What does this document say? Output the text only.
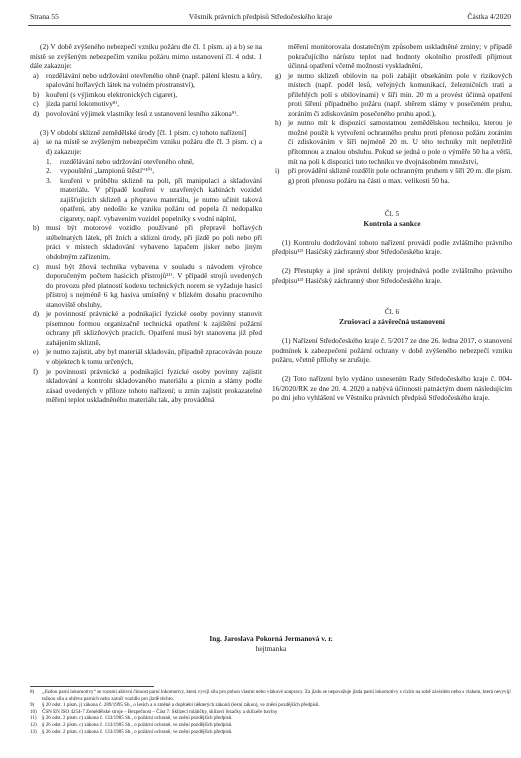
Strana 55	Věstník právních předpisů Středočeského kraje	Částka 4/2020

(2) V době zvýšeného nebezpečí vzniku požáru dle čl. 1 písm. a) a b) se na místě se zvýšeným nebezpečím vzniku požáru mimo ustanovení čl. 4 odst. 1 dále zakazuje:

a) rozdělávání nebo udržování otevřeného ohně (např. pálení klestu a kůry, spalování hořlavých látek na volném prostranství),
b) kouření (s výjimkou elektronických cigaret),
c) jízda parní lokomotivy⁸⁾,
d) povolování výjimek vlastníky lesů z ustanovení lesního zákona⁹⁾.

(3) V období sklizně zemědělské úrody [čl. 1 písm. c) tohoto nařízení]

a) se na místě se zvýšeným nebezpečím vzniku požáru dle čl. 3 písm. c) a d) zakazuje:
1. rozdělávání nebo udržování otevřeného ohně,
2. vypouštění „lampionů štěstí“¹⁰⁾,
3. kouření v průběhu sklizně na poli, při manipulaci a skladování materiálu. V případě kouření v uzavřených kabinách vozidel zajišťujících sklizeň a přepravu materiálu, je nutno učinit taková opatření, aby nedošlo ke vzniku požáru od popela či nedopalku cigarety, např. vybavením vozidel popelníky s vodní náplní,
b) musí být motorové vozidlo používané při přepravě hořlavých stébelnatých látek, při žních a sklizni úrody, při jízdě po poli nebo při práci v místech skladování vybaveno lapačem jisker nebo jiným obdobným zařízením,
c) musí být žňová technika vybavena v souladu s návodem výrobce doporučeným počtem hasicích přístrojů¹¹⁾. V případě strojů uvedených do provozu před platností kodexu technických norem se vyžaduje hasicí přístroj s nejméně 6 kg hasiva umístěný v blízkém dosahu pracovního stanoviště obsluhy,
d) je povinností právnické a podnikající fyzické osoby povinny stanovit písemnou formou organizačně technická opatření k zajištění požární ochrany při sklizňových pracích. Opatření musí být stanovena již před zahájením sklizně,
e) je nutno zajistit, aby byl materiál skladován, případně zpracováván pouze v objektech k tomu určených,
f) je povinností právnické a podnikající fyzické osoby povinny zajistit skladování a kontrolu skladovaného materiálu a pícnin a slámy podle zásad uvedených v příloze tohoto nařízení; u zrnin zajistit prokazatelné měření teplot uskladněného materiálu tak, aby prováděná
měření monitorovala dostatečným způsobem uskladněné zrniny; v případě pokračujícího nárůstu teplot nad hodnoty okolního prostředí přijmout účinná opatření včetně možnosti vyskladnění,
g) je nutno sklizeň obilovin na poli zahájit obsekáním pole v rizikových místech (např. podél lesů, veřejných komunikací, železničních tratí a přilehlých polí s obilovinami) v šíři min. 20 m a provést účinná opatření proti šíření případného požáru (např. sběrem slámy v posečeném pruhu, zoráním či zdiskováním posečeného pruhu apod.),
h) je nutno mít k dispozici samostatnou zemědělskou techniku, kterou je možné použít k vytvoření ochranného pruhu proti přenosu požáru zoráním či zdiskováním v šíři nejméně 20 m. U této techniky mít nepřetržitě přítomnou a znalou obsluhu. Pokud se jedná o pole o výměře 50 ha a větší, mít na poli k dispozici tuto techniku ve dvojnásobném množství,
i) při provádění sklizně rozdělit pole ochranným pruhem v šíři 20 m. dle písm. g) proti přenosu požáru na části o max. velikosti 50 ha.

Čl. 5

Kontrola a sankce

(1) Kontrolu dodržování tohoto nařízení provádí podle zvláštního právního předpisu¹²⁾ Hasičský záchranný sbor Středočeského kraje.

(2) Přestupky a jiné správní delikty projednává podle zvláštního právního předpisu¹³⁾ Hasičský záchranný sbor Středočeského kraje.

Čl. 6

Zrušovací a závěrečná ustanovení

(1) Nařízení Středočeského kraje č. 5/2017 ze dne 26. ledna 2017, o stanovení podmínek k zabezpečení požární ochrany v době zvýšeného nebezpečí vzniku požáru, včetně přílohy se zrušuje.

(2) Toto nařízení bylo vydáno usnesením Rady Středočeského kraje č. 004-16/2020/RK ze dne 20. 4. 2020 a nabývá účinnosti patnáctým dnem následujícím po dni jeho vyhlášení ve Věstníku právních předpisů Středočeského kraje.

Ing. Jaroslava Pokorná Jermanová v. r.
hejtmanka
8) „Jízdou parní lokomotivy“ se rozumí aktivní činnost parní lokomotivy, která vyvíjí sílu pro pohon vlastní nebo vlakové soupravy. Za jízdu se nepovažuje jízda parní lokomotivy s cizím na sobě závislém nebo s vlakem, která nevyvíjí tažnou sílu a ohřeva parních nebo zaručí vozidlo pro jízdě těchto.
9) § 20 odst. 1 písm. j) zákona č. 289/1995 Sb., o lesích a o změně a doplnění některých zákonů (lesní zákon), ve znění pozdějších předpisů.
10) ČSN EN ISO 4254-7 Zemědělské stroje – Bezpečnost – Část 7: Sklízecí mlátičky, sklízecí řezačky a sklízeče bavlny
11) § 26 odst. 2 písm. c) zákona č. 133/1985 Sb., o požární ochraně, ve znění pozdějších předpisů.
12) § 26 odst. 2 písm. c) zákona č. 133/1985 Sb., o požární ochraně, ve znění pozdějších předpisů.
13) § 26 odst. 2 písm. c) zákona č. 133/1985 Sb., o požární ochraně, ve znění pozdějších předpisů.
